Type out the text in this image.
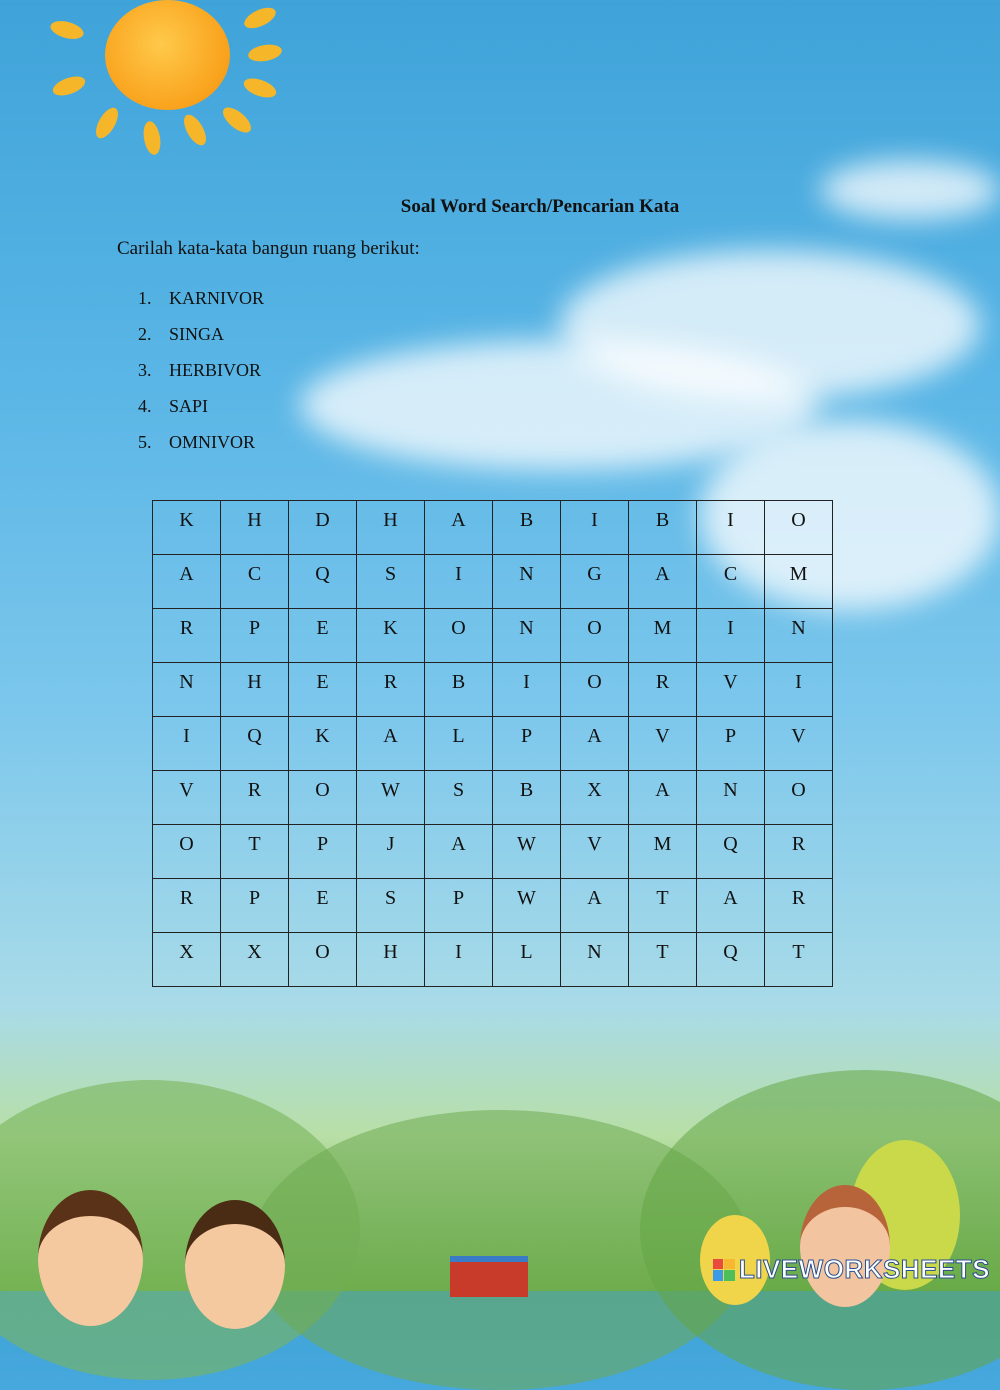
Soal Word Search/Pencarian Kata
Carilah kata-kata bangun ruang berikut:
1. KARNIVOR
2. SINGA
3. HERBIVOR
4. SAPI
5. OMNIVOR
K	H	D	H	A	B	I	B	I	O
A	C	Q	S	I	N	G	A	C	M
R	P	E	K	O	N	O	M	I	N
N	H	E	R	B	I	O	R	V	I
I	Q	K	A	L	P	A	V	P	V
V	R	O	W	S	B	X	A	N	O
O	T	P	J	A	W	V	M	Q	R
R	P	E	S	P	W	A	T	A	R
X	X	O	H	I	L	N	T	Q	T
LIVEWORKSHEETS
